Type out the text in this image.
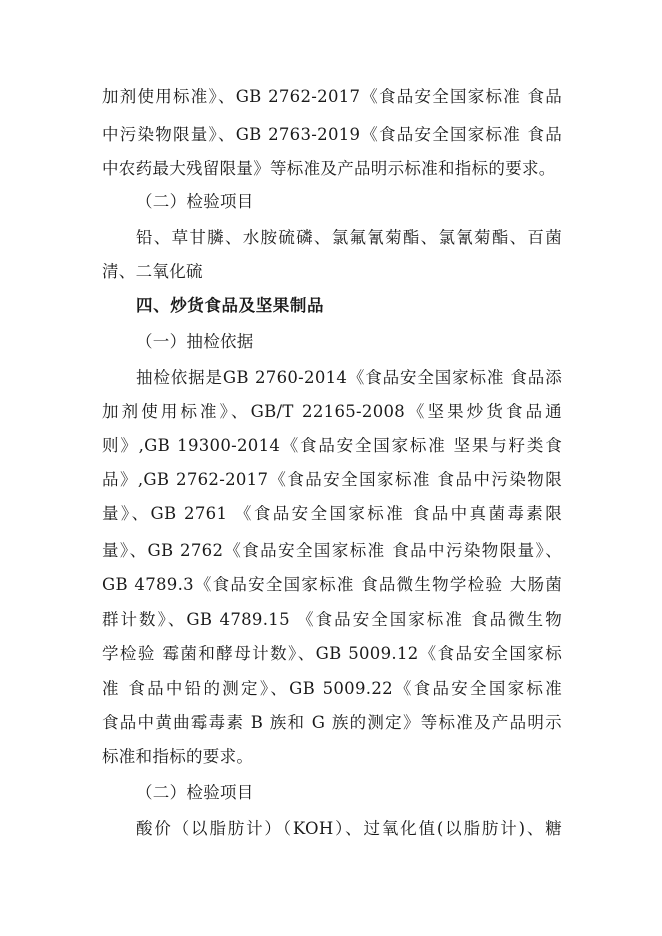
加剂使用标准》、GB 2762-2017《食品安全国家标准 食品
中污染物限量》、GB 2763-2019《食品安全国家标准 食品
中农药最大残留限量》等标准及产品明示标准和指标的要求。
（二）检验项目
铅、草甘膦、水胺硫磷、氯氟氰菊酯、氯氰菊酯、百菌
清、二氧化硫
四、炒货食品及坚果制品
（一）抽检依据
抽检依据是GB 2760-2014《食品安全国家标准 食品添
加剂使用标准》、GB/T 22165-2008《坚果炒货食品通
则》,GB 19300-2014《食品安全国家标准 坚果与籽类食
品》,GB 2762-2017《食品安全国家标准 食品中污染物限
量》、GB 2761 《食品安全国家标准 食品中真菌毒素限
量》、GB 2762《食品安全国家标准 食品中污染物限量》、
GB 4789.3《食品安全国家标准 食品微生物学检验 大肠菌
群计数》、GB 4789.15 《食品安全国家标准 食品微生物
学检验 霉菌和酵母计数》、GB 5009.12《食品安全国家标
准 食品中铅的测定》、GB 5009.22《食品安全国家标准
食品中黄曲霉毒素 B 族和 G 族的测定》等标准及产品明示
标准和指标的要求。
（二）检验项目
酸价（以脂肪计）（KOH）、过氧化值(以脂肪计)、糖
